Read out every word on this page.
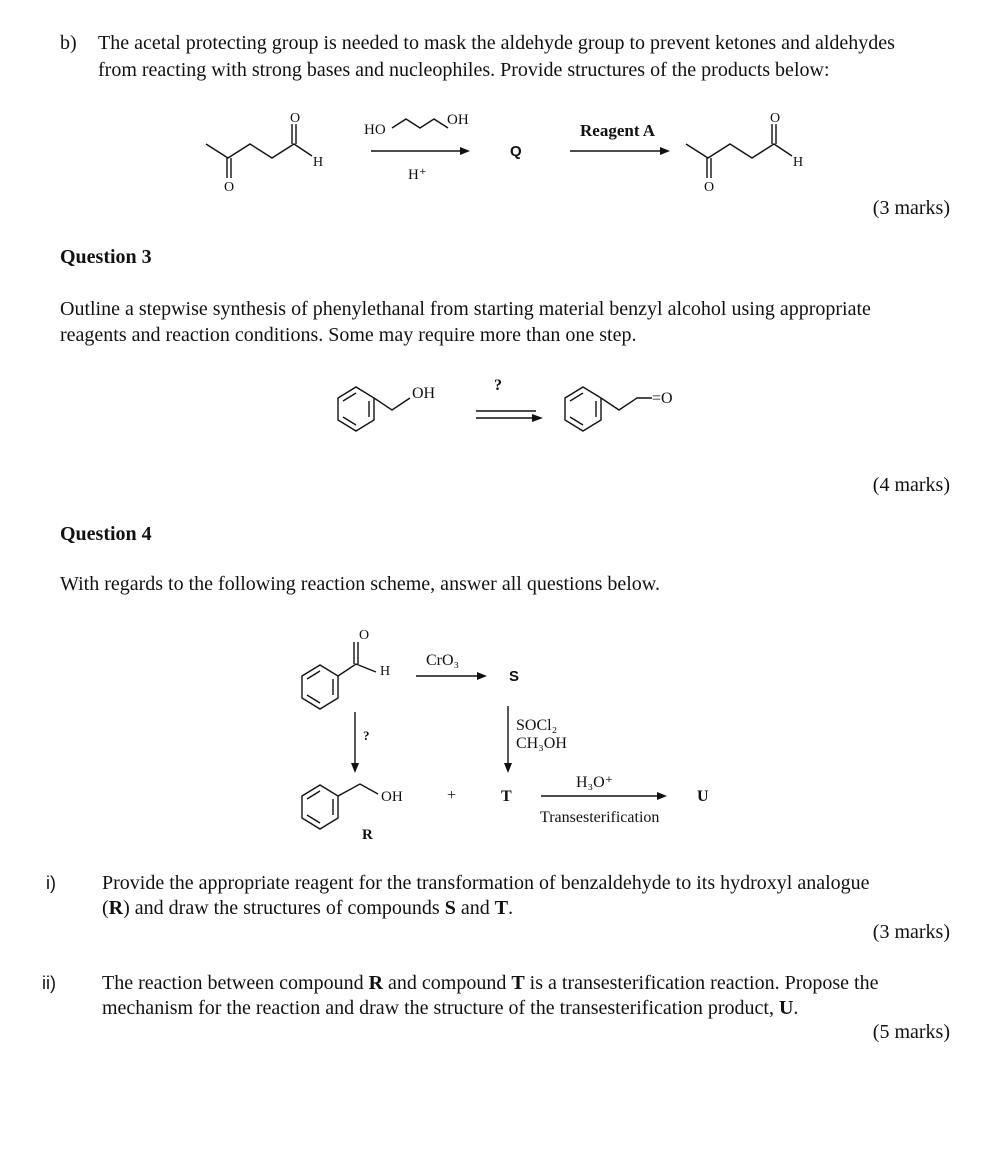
b) The acetal protecting group is needed to mask the aldehyde group to prevent ketones and aldehydes
from reacting with strong bases and nucleophiles. Provide structures of the products below:
O
H
O
HO
OH
H⁺
Q
Reagent A
O
H
O
(3 marks)
Question 3
Outline a stepwise synthesis of phenylethanal from starting material benzyl alcohol using appropriate
reagents and reaction conditions. Some may require more than one step.
OH	?
=O
(4 marks)
Question 4
With regards to the following reaction scheme, answer all questions below.
O
H
CrO₃
S
?
SOCl₂
CH₃OH
OH	+	T
H₃O⁺
U
Transesterification
R
i) Provide the appropriate reagent for the transformation of benzaldehyde to its hydroxyl analogue
(R) and draw the structures of compounds S and T.
(3 marks)
ii) The reaction between compound R and compound T is a transesterification reaction. Propose the
mechanism for the reaction and draw the structure of the transesterification product, U.
(5 marks)
